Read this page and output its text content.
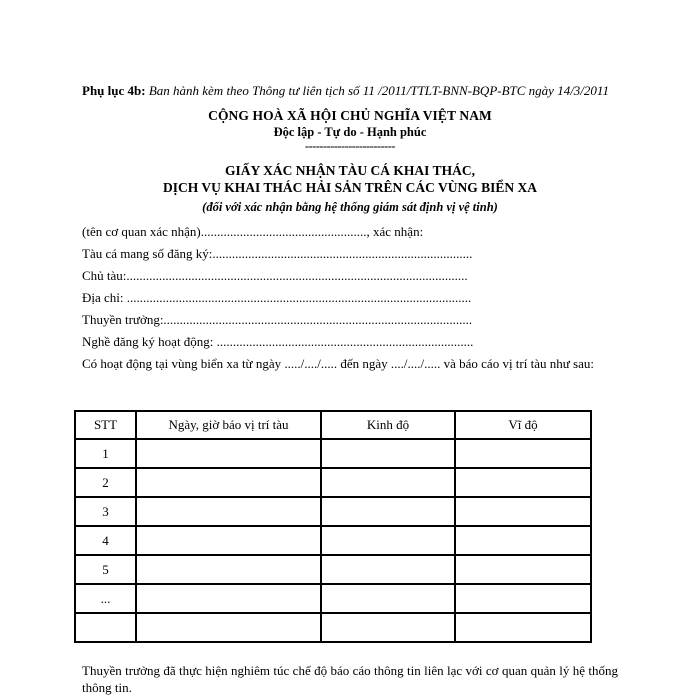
Phụ lục 4b: Ban hành kèm theo Thông tư liên tịch số 11 /2011/TTLT-BNN-BQP-BTC ngày 14/3/2011
CỘNG HOÀ XÃ HỘI CHỦ NGHĨA VIỆT NAM
Độc lập - Tự do - Hạnh phúc
-------------------------
GIẤY XÁC NHẬN TÀU CÁ KHAI THÁC,
DỊCH VỤ KHAI THÁC HẢI SẢN TRÊN CÁC VÙNG BIỂN XA
(đối với xác nhận bằng hệ thống giám sát định vị vệ tinh)
(tên cơ quan xác nhận)..................................................., xác nhận:
Tàu cá mang số đăng ký:................................................................................
Chủ tàu:.........................................................................................................
Địa chỉ: ..........................................................................................................
Thuyền trưởng:...............................................................................................
Nghề đăng ký hoạt động: ...............................................................................
Có hoạt động tại vùng biển xa từ ngày ...../..../..... đến ngày ..../..../..... và báo cáo vị trí tàu như sau:
STT	Ngày, giờ báo vị trí tàu	Kinh độ	Vĩ độ
1			
2			
3			
4			
5			
...			

Thuyền trưởng đã thực hiện nghiêm túc chế độ báo cáo thông tin liên lạc với cơ quan quản lý hệ thống thông tin.
